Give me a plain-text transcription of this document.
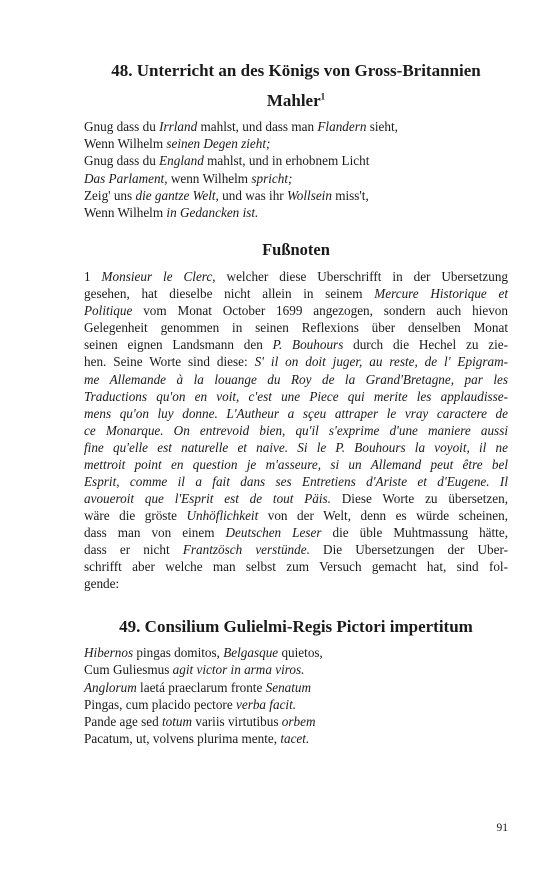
48. Unterricht an des Königs von Gross-Britannien
Mahler$^1$
Gnug dass du Irrland mahlst, und dass man Flandern sieht,
Wenn Wilhelm seinen Degen zieht;
Gnug dass du England mahlst, und in erhobnem Licht
Das Parlament, wenn Wilhelm spricht;
Zeig' uns die gantze Welt, und was ihr Wollsein miss't,
Wenn Wilhelm in Gedancken ist.
Fußnoten
1 Monsieur le Clerc, welcher diese Uberschrifft in der Ubersetzung
gesehen, hat dieselbe nicht allein in seinem Mercure Historique et
Politique vom Monat October 1699 angezogen, sondern auch hievon
Gelegenheit genommen in seinen Reflexions über denselben Monat
seinen eignen Landsmann den P. Bouhours durch die Hechel zu zie-
hen. Seine Worte sind diese: S' il on doit juger, au reste, de l' Epigram-
me Allemande à la louange du Roy de la Grand'Bretagne, par les
Traductions qu'on en voit, c'est une Piece qui merite les applaudisse-
mens qu'on luy donne. L'Autheur a sçeu attraper le vray caractere de
ce Monarque. On entrevoid bien, qu'il s'exprime d'une maniere aussi
fine qu'elle est naturelle et naive. Si le P. Bouhours la voyoit, il ne
mettroit point en question je m'asseure, si un Allemand peut être bel
Esprit, comme il a fait dans ses Entretiens d'Ariste et d'Eugene. Il
avoueroit que l'Esprit est de tout Päis. Diese Worte zu übersetzen,
wäre die gröste Unhöflichkeit von der Welt, denn es würde scheinen,
dass man von einem Deutschen Leser die üble Muhtmassung hätte,
dass er nicht Frantzösch verstünde. Die Ubersetzungen der Uber-
schrifft aber welche man selbst zum Versuch gemacht hat, sind fol-
gende:
49. Consilium Gulielmi-Regis Pictori impertitum
Hibernos pingas domitos, Belgasque quietos,
Cum Guliesmus agit victor in arma viros.
Anglorum laetá praeclarum fronte Senatum
Pingas, cum placido pectore verba facit.
Pande age sed totum variis virtutibus orbem
Pacatum, ut, volvens plurima mente, tacet.
91
